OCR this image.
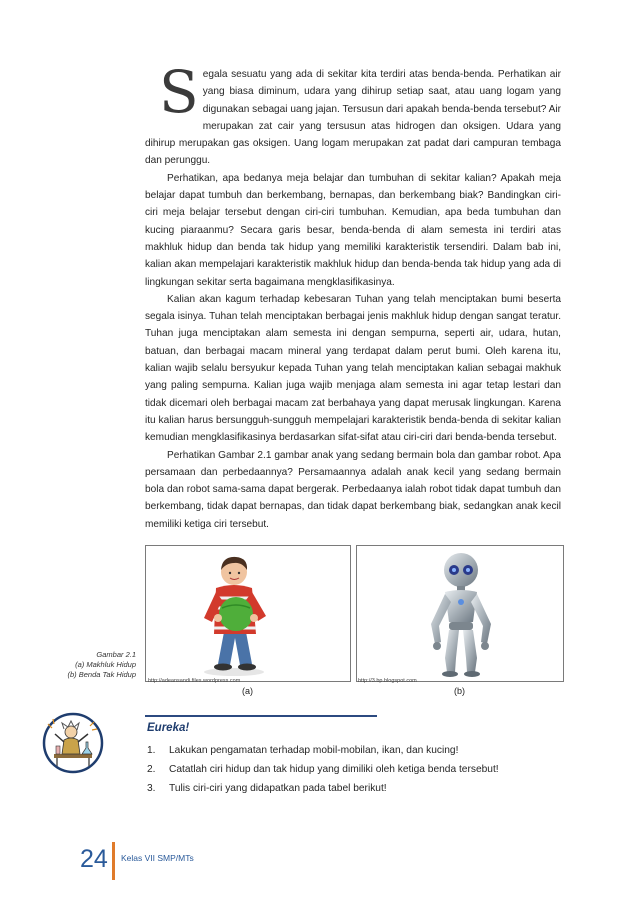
Segala sesuatu yang ada di sekitar kita terdiri atas benda-benda. Perhatikan air yang biasa diminum, udara yang dihirup setiap saat, atau uang logam yang digunakan sebagai uang jajan. Tersusun dari apakah benda-benda tersebut? Air merupakan zat cair yang tersusun atas hidrogen dan oksigen. Udara yang dihirup merupakan gas oksigen. Uang logam merupakan zat padat dari campuran tembaga dan perunggu.

Perhatikan, apa bedanya meja belajar dan tumbuhan di sekitar kalian? Apakah meja belajar dapat tumbuh dan berkembang, bernapas, dan berkembang biak? Bandingkan ciri-ciri meja belajar tersebut dengan ciri-ciri tumbuhan. Kemudian, apa beda tumbuhan dan kucing piaraanmu? Secara garis besar, benda-benda di alam semesta ini terdiri atas makhluk hidup dan benda tak hidup yang memiliki karakteristik tersendiri. Dalam bab ini, kalian akan mempelajari karakteristik makhluk hidup dan benda-benda tak hidup yang ada di lingkungan sekitar serta bagaimana mengklasifikasinya.

Kalian akan kagum terhadap kebesaran Tuhan yang telah menciptakan bumi beserta segala isinya. Tuhan telah menciptakan berbagai jenis makhluk hidup dengan sangat teratur. Tuhan juga menciptakan alam semesta ini dengan sempurna, seperti air, udara, hutan, batuan, dan berbagai macam mineral yang terdapat dalam perut bumi. Oleh karena itu, kalian wajib selalu bersyukur kepada Tuhan yang telah menciptakan kalian sebagai makhuk yang paling sempurna. Kalian juga wajib menjaga alam semesta ini agar tetap lestari dan tidak dicemari oleh berbagai macam zat berbahaya yang dapat merusak lingkungan. Karena itu kalian harus bersungguh-sungguh mempelajari karakteristik benda-benda di sekitar kalian kemudian mengklasifikasinya berdasarkan sifat-sifat atau ciri-ciri dari benda-benda tersebut.

Perhatikan Gambar 2.1 gambar anak yang sedang bermain bola dan gambar robot. Apa persamaan dan perbedaannya? Persamaannya adalah anak kecil yang sedang bermain bola dan robot sama-sama dapat bergerak. Perbedaanya ialah robot tidak dapat tumbuh dan berkembang, tidak dapat bernapas, dan tidak dapat berkembang biak, sedangkan anak kecil memiliki ketiga ciri tersebut.

Gambar 2.1
(a) Makhluk Hidup
(b) Benda Tak Hidup
http://adeansandi.files.wordpress.com
(a)
http://3.bp.blogspot.com
(b)
Eureka!
1.	Lakukan pengamatan terhadap mobil-mobilan, ikan, dan kucing!
2.	Catatlah ciri hidup dan tak hidup yang dimiliki oleh ketiga benda tersebut!
3.	Tulis ciri-ciri yang didapatkan pada tabel berikut!
24 Kelas VII SMP/MTs
